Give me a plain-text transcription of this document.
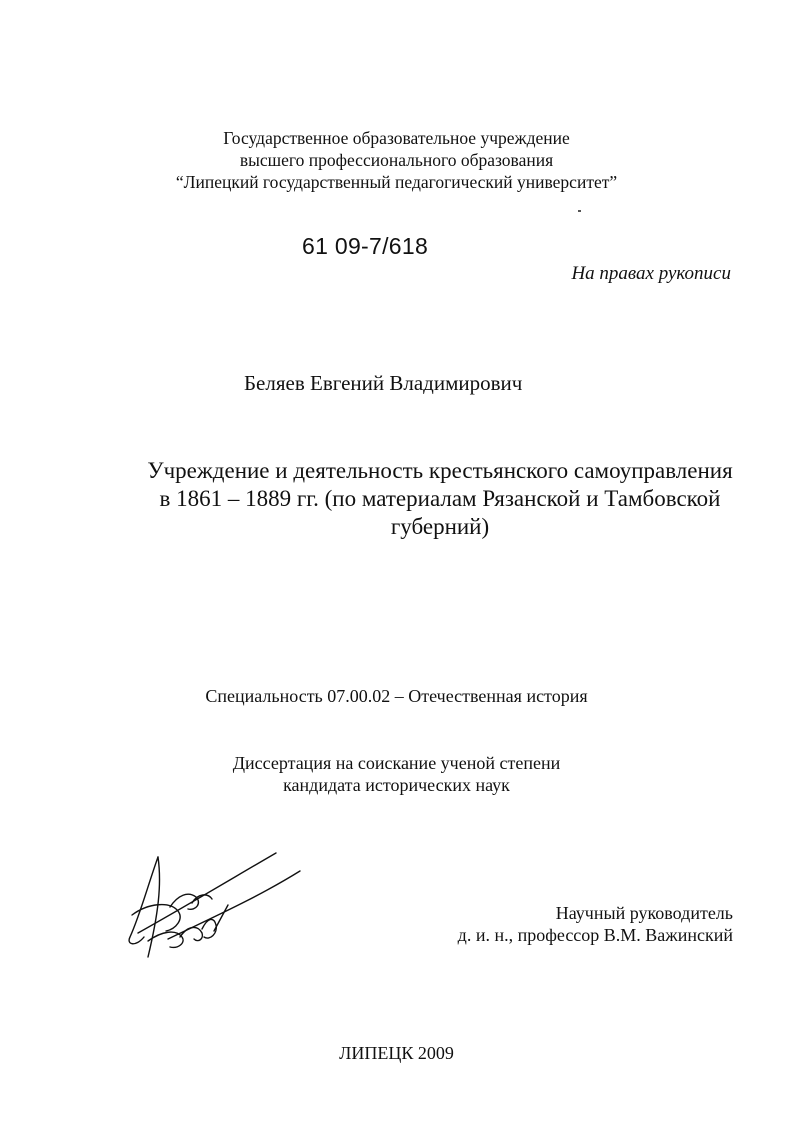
Государственное образовательное учреждение
высшего профессионального образования
“Липецкий государственный педагогический университет”
61 09-7/618
На правах рукописи
Беляев Евгений Владимирович
Учреждение и деятельность крестьянского самоуправления
в 1861 – 1889 гг. (по материалам Рязанской и Тамбовской
губерний)
Специальность 07.00.02 – Отечественная история
Диссертация на соискание ученой степени
кандидата исторических наук
Научный руководитель
д. и. н., профессор В.М. Важинский
ЛИПЕЦК 2009
